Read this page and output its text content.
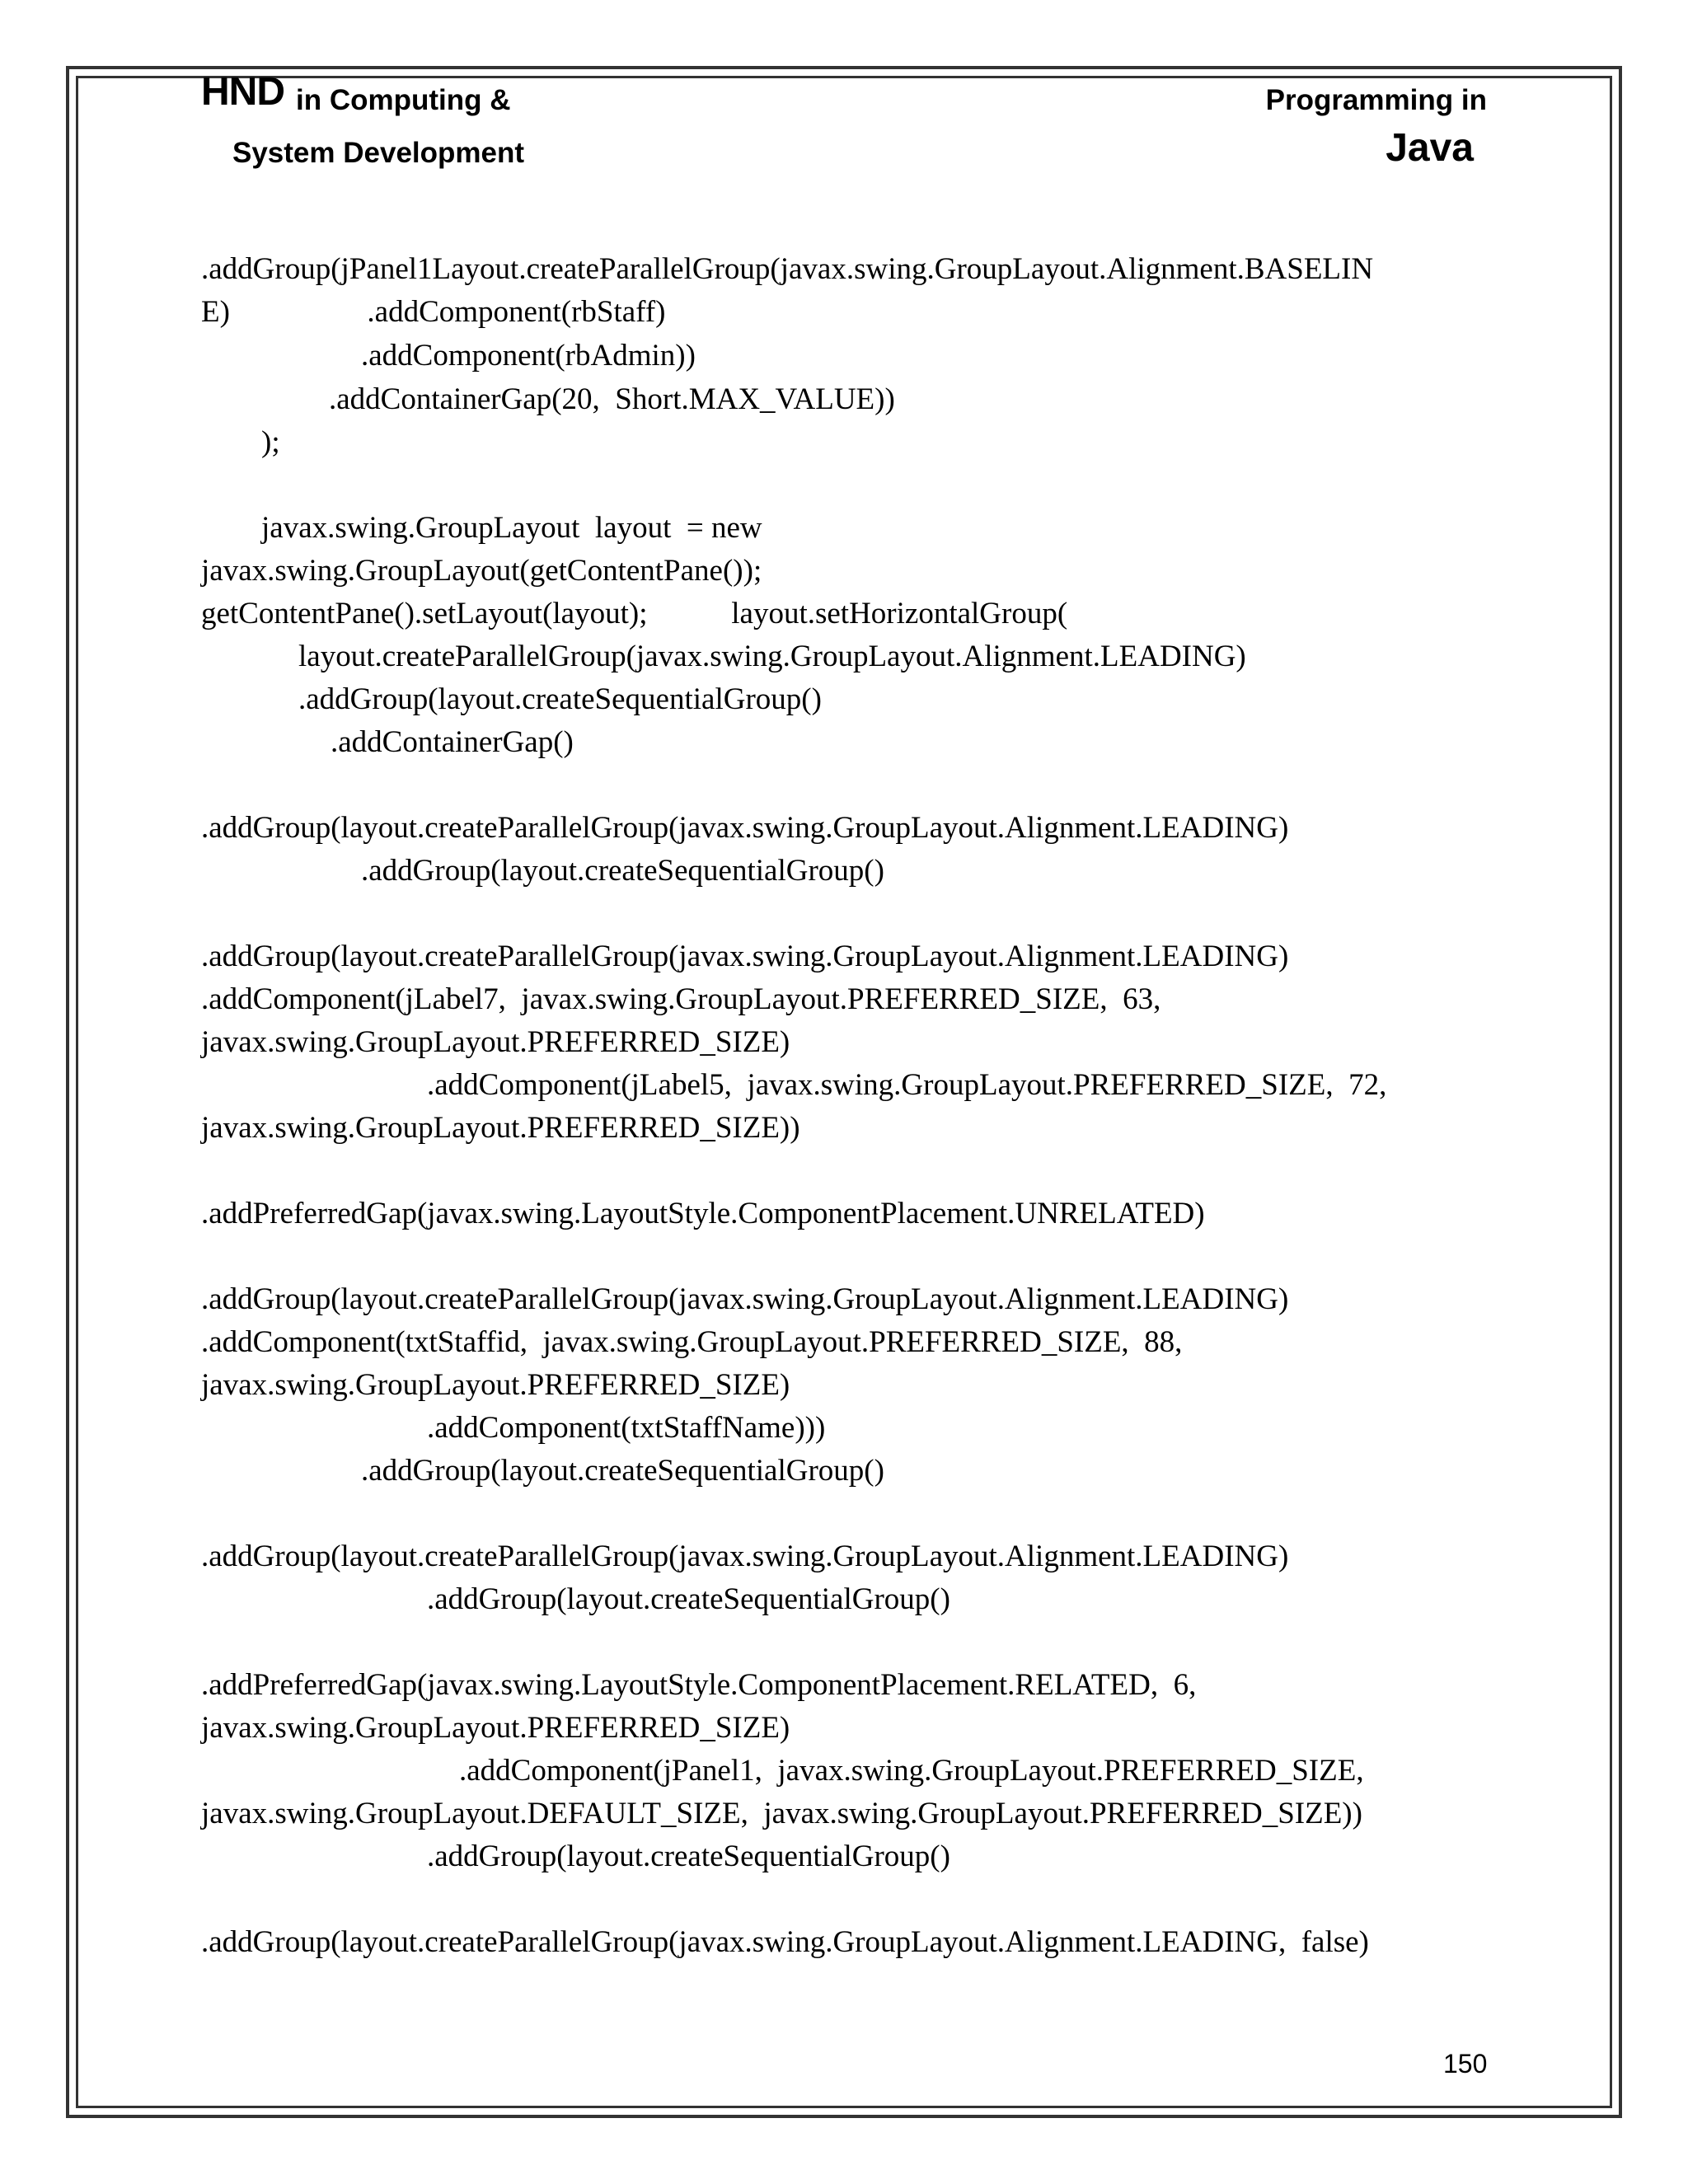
HND in Computing &
System Development
Programming in
Java
.addGroup(jPanel1Layout.createParallelGroup(javax.swing.GroupLayout.Alignment.BASELIN
E)                  .addComponent(rbStaff)
.addComponent(rbAdmin))
.addContainerGap(20,  Short.MAX_VALUE))
);
javax.swing.GroupLayout  layout  = new
javax.swing.GroupLayout(getContentPane());
getContentPane().setLayout(layout);           layout.setHorizontalGroup(
layout.createParallelGroup(javax.swing.GroupLayout.Alignment.LEADING)
.addGroup(layout.createSequentialGroup()
.addContainerGap()
.addGroup(layout.createParallelGroup(javax.swing.GroupLayout.Alignment.LEADING)
.addGroup(layout.createSequentialGroup()
.addGroup(layout.createParallelGroup(javax.swing.GroupLayout.Alignment.LEADING)
.addComponent(jLabel7,  javax.swing.GroupLayout.PREFERRED_SIZE,  63,
javax.swing.GroupLayout.PREFERRED_SIZE)
.addComponent(jLabel5,  javax.swing.GroupLayout.PREFERRED_SIZE,  72,
javax.swing.GroupLayout.PREFERRED_SIZE))
.addPreferredGap(javax.swing.LayoutStyle.ComponentPlacement.UNRELATED)
.addGroup(layout.createParallelGroup(javax.swing.GroupLayout.Alignment.LEADING)
.addComponent(txtStaffid,  javax.swing.GroupLayout.PREFERRED_SIZE,  88,
javax.swing.GroupLayout.PREFERRED_SIZE)
.addComponent(txtStaffName)))
.addGroup(layout.createSequentialGroup()
.addGroup(layout.createParallelGroup(javax.swing.GroupLayout.Alignment.LEADING)
.addGroup(layout.createSequentialGroup()
.addPreferredGap(javax.swing.LayoutStyle.ComponentPlacement.RELATED,  6,
javax.swing.GroupLayout.PREFERRED_SIZE)
.addComponent(jPanel1,  javax.swing.GroupLayout.PREFERRED_SIZE,
javax.swing.GroupLayout.DEFAULT_SIZE,  javax.swing.GroupLayout.PREFERRED_SIZE))
.addGroup(layout.createSequentialGroup()
.addGroup(layout.createParallelGroup(javax.swing.GroupLayout.Alignment.LEADING,  false)
150
